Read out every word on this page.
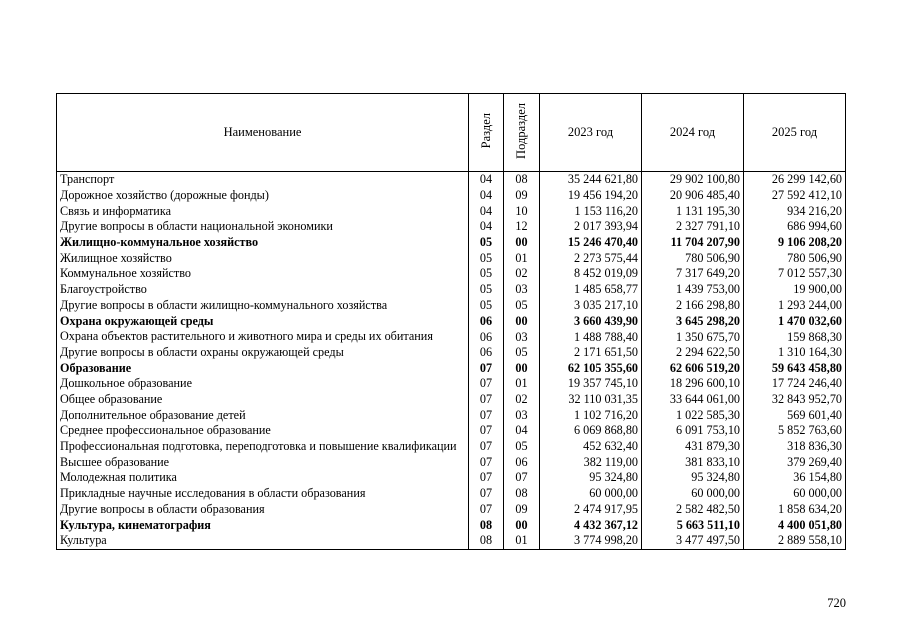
Наименование	Раздел	Подраздел	2023 год	2024 год	2025 год
Транспорт	04	08	35 244 621,80	29 902 100,80	26 299 142,60
Дорожное хозяйство (дорожные фонды)	04	09	19 456 194,20	20 906 485,40	27 592 412,10
Связь и информатика	04	10	1 153 116,20	1 131 195,30	934 216,20
Другие вопросы в области национальной экономики	04	12	2 017 393,94	2 327 791,10	686 994,60
Жилищно-коммунальное хозяйство	05	00	15 246 470,40	11 704 207,90	9 106 208,20
Жилищное хозяйство	05	01	2 273 575,44	780 506,90	780 506,90
Коммунальное хозяйство	05	02	8 452 019,09	7 317 649,20	7 012 557,30
Благоустройство	05	03	1 485 658,77	1 439 753,00	19 900,00
Другие вопросы в области жилищно-коммунального хозяйства	05	05	3 035 217,10	2 166 298,80	1 293 244,00
Охрана окружающей среды	06	00	3 660 439,90	3 645 298,20	1 470 032,60
Охрана объектов растительного и животного мира и среды их обитания	06	03	1 488 788,40	1 350 675,70	159 868,30
Другие вопросы в области охраны окружающей среды	06	05	2 171 651,50	2 294 622,50	1 310 164,30
Образование	07	00	62 105 355,60	62 606 519,20	59 643 458,80
Дошкольное образование	07	01	19 357 745,10	18 296 600,10	17 724 246,40
Общее образование	07	02	32 110 031,35	33 644 061,00	32 843 952,70
Дополнительное образование детей	07	03	1 102 716,20	1 022 585,30	569 601,40
Среднее профессиональное образование	07	04	6 069 868,80	6 091 753,10	5 852 763,60
Профессиональная подготовка, переподготовка и повышение квалификации	07	05	452 632,40	431 879,30	318 836,30
Высшее образование	07	06	382 119,00	381 833,10	379 269,40
Молодежная политика	07	07	95 324,80	95 324,80	36 154,80
Прикладные научные исследования в области образования	07	08	60 000,00	60 000,00	60 000,00
Другие вопросы в области образования	07	09	2 474 917,95	2 582 482,50	1 858 634,20
Культура, кинематография	08	00	4 432 367,12	5 663 511,10	4 400 051,80
Культура	08	01	3 774 998,20	3 477 497,50	2 889 558,10
720
